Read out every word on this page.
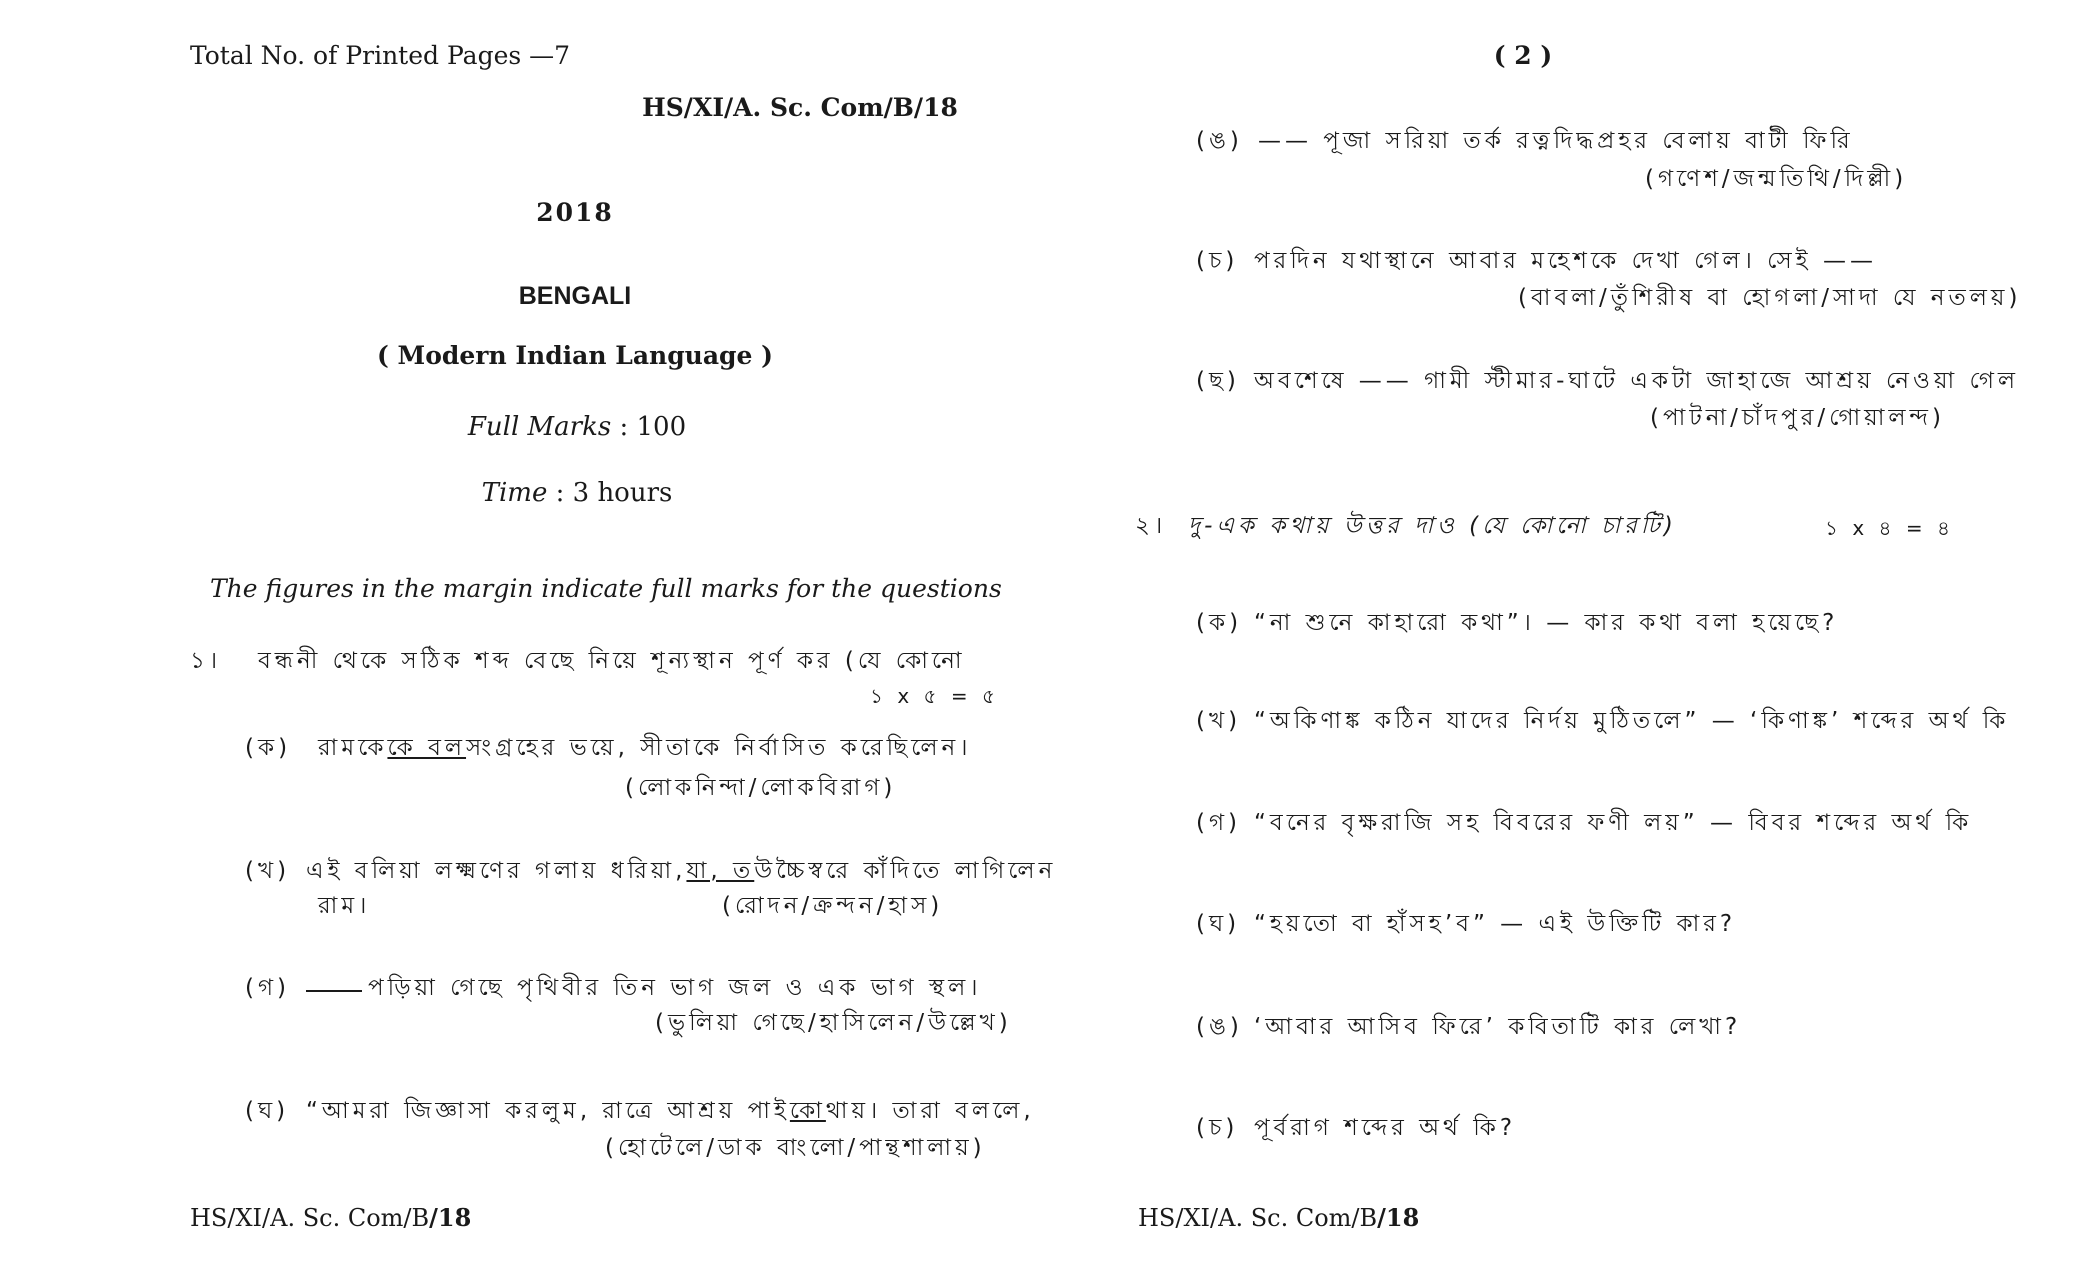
Total No. of Printed Pages —7
HS/XI/A. Sc. Com/B/18
2018
BENGALI
( Modern Indian Language )
Full Marks : 100
Time : 3 hours
The figures in the margin indicate full marks for the questions
১। বন্ধনী থেকে সঠিক শব্দ বেছে নিয়ে শূন্যস্থান পূর্ণ কর (যে কোনো
১ x ৫ = ৫
(ক) রামকেকে বলসংগ্রহের ভয়ে, সীতাকে নির্বাসিত করেছিলেন।
(লোকনিন্দা/লোকবিরাগ)
(খ) এই বলিয়া লক্ষ্মণের গলায় ধরিয়া,যা, তউচ্চৈস্বরে কাঁদিতে লাগিলেন
রাম।	(রোদন/ক্রন্দন/হাস)
(গ)	পড়িয়া গেছে পৃথিবীর তিন ভাগ জল ও এক ভাগ স্থল।
(ভুলিয়া গেছে/হাসিলেন/উল্লেখ)
(ঘ) “আমরা জিজ্ঞাসা করলুম, রাত্রে আশ্রয় পাইকোথায়। তারা বললে,
(হোটেলে/ডাক বাংলো/পান্থশালায়)
HS/XI/A. Sc. Com/B/18
( 2 )
(ঙ) —— পূজা সরিয়া তর্ক রত্নদিদ্ধপ্রহর বেলায় বাটী ফিরি
(গণেশ/জন্মতিথি/দিল্লী)
(চ) পরদিন যথাস্থানে আবার মহেশকে দেখা গেল। সেই ——
(বাবলা/তুঁশিরীষ বা হোগলা/সাদা যে নতলয়)
(ছ) অবশেষে —— গামী স্টীমার-ঘাটে একটা জাহাজে আশ্রয় নেওয়া গেল
(পাটনা/চাঁদপুর/গোয়ালন্দ)
২। দু-এক কথায় উত্তর দাও (যে কোনো চারটি)	১ x ৪ = ৪
(ক) “না শুনে কাহারো কথা”। — কার কথা বলা হয়েছে?
(খ) “অকিণাঙ্ক কঠিন যাদের নির্দয় মুঠিতলে” — ‘কিণাঙ্ক’ শব্দের অর্থ কি
(গ) “বনের বৃক্ষরাজি সহ বিবরের ফণী লয়” — বিবর শব্দের অর্থ কি
(ঘ) “হয়তো বা হাঁসহ’ব” — এই উক্তিটি কার?
(ঙ) ‘আবার আসিব ফিরে’ কবিতাটি কার লেখা?
(চ) পূর্বরাগ শব্দের অর্থ কি?
HS/XI/A. Sc. Com/B/18
